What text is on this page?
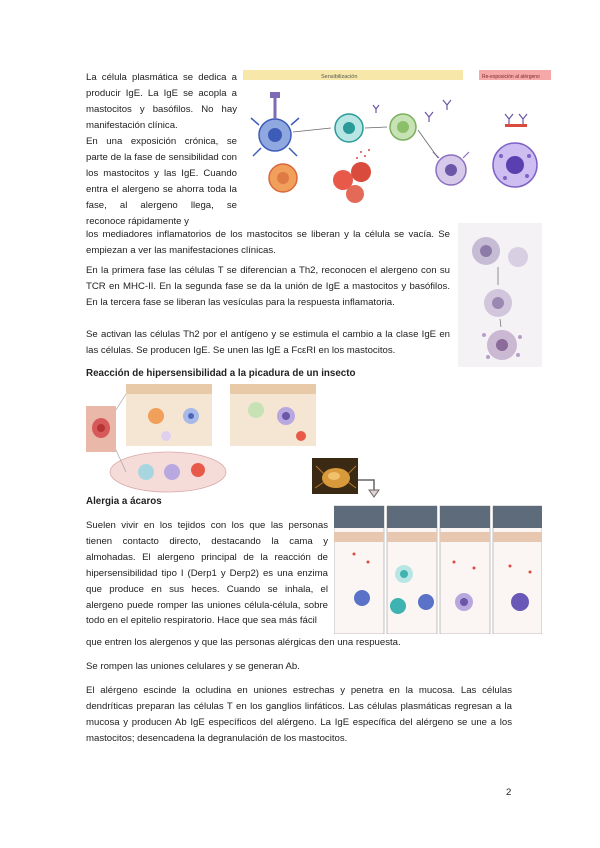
Sensibilización	Re-exposición al alérgeno

La célula plasmática se dedica a producir IgE. La IgE se acopla a mastocitos y basófilos. No hay manifestación clínica.

En una exposición crónica, se parte de la fase de sensibilidad con los mastocitos y las IgE. Cuando entra el alergeno se ahorra toda la fase, al alergeno llega, se reconoce rápidamente y

los mediadores inflamatorios de los mastocitos se liberan y la célula se vacía. Se empiezan a ver las manifestaciones clínicas.

En la primera fase las células T se diferencian a Th2, reconocen el alergeno con su TCR en MHC-II. En la segunda fase se da la unión de IgE a mastocitos y basófilos. En la tercera fase se liberan las vesículas para la respuesta inflamatoria.

Se activan las células Th2 por el antígeno y se estimula el cambio a la clase IgE en las células. Se producen IgE. Se unen las IgE a FcεRI en los mastocitos.

Reacción de hipersensibilidad a la picadura de un insecto
Alergia a ácaros

Suelen vivir en los tejidos con los que las personas tienen contacto directo, destacando la cama y almohadas. El alergeno principal de la reacción de hipersensibilidad tipo I (Derp1 y Derp2) es una enzima que produce en sus heces. Cuando se inhala, el alergeno puede romper las uniones célula-célula, sobre todo en el epitelio respiratorio. Hace que sea más fácil

que entren los alergenos y que las personas alérgicas den una respuesta.

Se rompen las uniones celulares y se generan Ab.

El alérgeno escinde la ocludina en uniones estrechas y penetra en la mucosa. Las células dendríticas preparan las células T en los ganglios linfáticos. Las células plasmáticas regresan a la mucosa y producen Ab IgE específicos del alérgeno. La IgE específica del alérgeno se une a los mastocitos; desencadena la degranulación de los mastocitos.

2
